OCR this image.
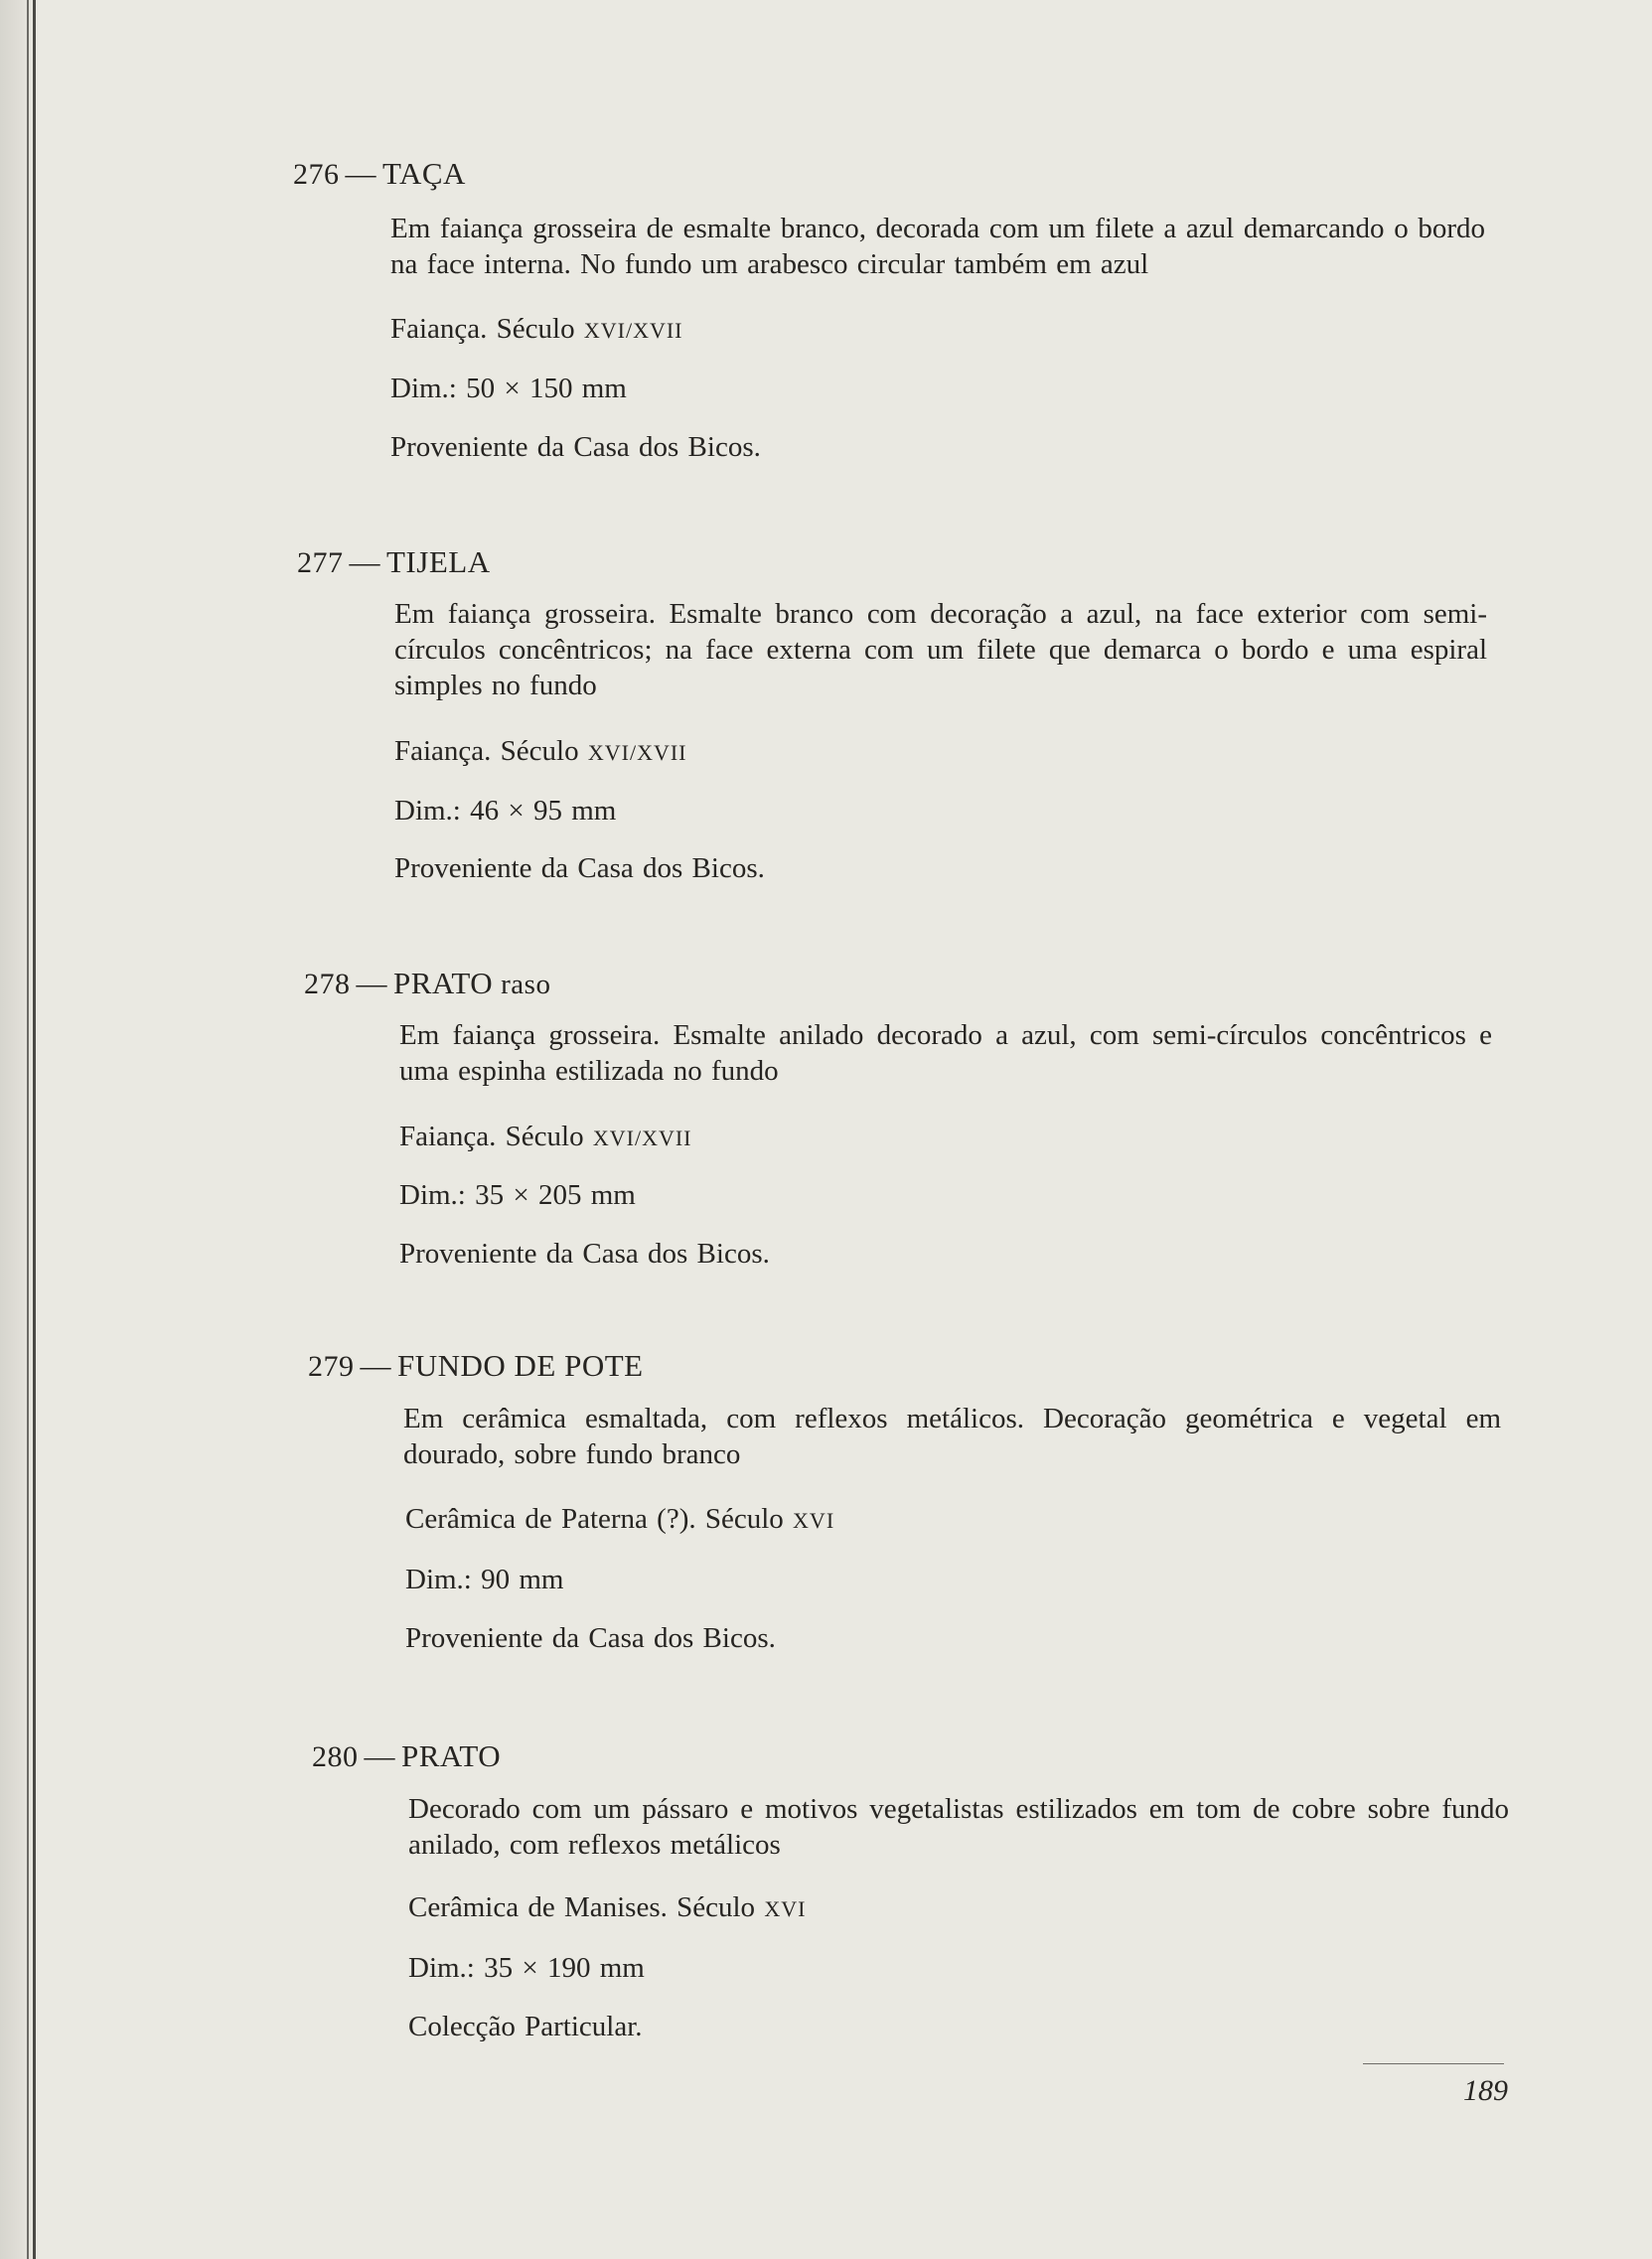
276 — TAÇA
Em faiança grosseira de esmalte branco, decorada com um filete a azul demarcando o bordo na face interna. No fundo um arabesco circular também em azul
Faiança. Século XVI/XVII
Dim.: 50 × 150 mm
Proveniente da Casa dos Bicos.
277 — TIJELA
Em faiança grosseira. Esmalte branco com decoração a azul, na face exterior com semi-círculos concêntricos; na face externa com um filete que demarca o bordo e uma espiral simples no fundo
Faiança. Século XVI/XVII
Dim.: 46 × 95 mm
Proveniente da Casa dos Bicos.
278 — PRATO raso
Em faiança grosseira. Esmalte anilado decorado a azul, com semi-círculos concêntricos e uma espinha estilizada no fundo
Faiança. Século XVI/XVII
Dim.: 35 × 205 mm
Proveniente da Casa dos Bicos.
279 — FUNDO DE POTE
Em cerâmica esmaltada, com reflexos metálicos. Decoração geométrica e vegetal em dourado, sobre fundo branco
Cerâmica de Paterna (?). Século XVI
Dim.: 90 mm
Proveniente da Casa dos Bicos.
280 — PRATO
Decorado com um pássaro e motivos vegetalistas estilizados em tom de cobre sobre fundo anilado, com reflexos metálicos
Cerâmica de Manises. Século XVI
Dim.: 35 × 190 mm
Colecção Particular.
189
